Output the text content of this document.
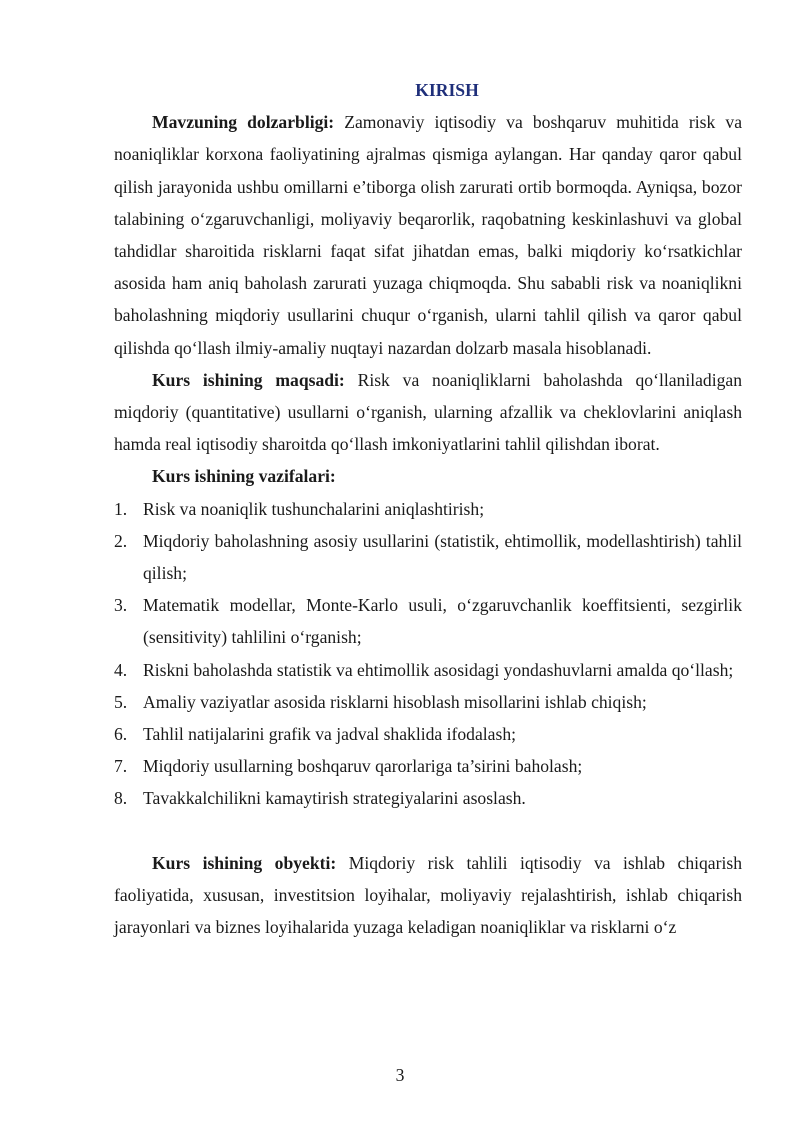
KIRISH

Mavzuning dolzarbligi: Zamonaviy iqtisodiy va boshqaruv muhitida risk va noaniqliklar korxona faoliyatining ajralmas qismiga aylangan. Har qanday qaror qabul qilish jarayonida ushbu omillarni e’tiborga olish zarurati ortib bormoqda. Ayniqsa, bozor talabining o‘zgaruvchanligi, moliyaviy beqarorlik, raqobatning keskinlashuvi va global tahdidlar sharoitida risklarni faqat sifat jihatdan emas, balki miqdoriy ko‘rsatkichlar asosida ham aniq baholash zarurati yuzaga chiqmoqda. Shu sababli risk va noaniqlikni baholashning miqdoriy usullarini chuqur o‘rganish, ularni tahlil qilish va qaror qabul qilishda qo‘llash ilmiy-amaliy nuqtayi nazardan dolzarb masala hisoblanadi.

Kurs ishining maqsadi: Risk va noaniqliklarni baholashda qo‘llaniladigan miqdoriy (quantitative) usullarni o‘rganish, ularning afzallik va cheklovlarini aniqlash hamda real iqtisodiy sharoitda qo‘llash imkoniyatlarini tahlil qilishdan iborat.

Kurs ishining vazifalari:
1. Risk va noaniqlik tushunchalarini aniqlashtirish;
2. Miqdoriy baholashning asosiy usullarini (statistik, ehtimollik, modellashtirish) tahlil qilish;
3. Matematik modellar, Monte-Karlo usuli, o‘zgaruvchanlik koeffitsienti, sezgirlik (sensitivity) tahlilini o‘rganish;
4. Riskni baholashda statistik va ehtimollik asosidagi yondashuvlarni amalda qo‘llash;
5. Amaliy vaziyatlar asosida risklarni hisoblash misollarini ishlab chiqish;
6. Tahlil natijalarini grafik va jadval shaklida ifodalash;
7. Miqdoriy usullarning boshqaruv qarorlariga ta’sirini baholash;
8. Tavakkalchilikni kamaytirish strategiyalarini asoslash.

Kurs ishining obyekti: Miqdoriy risk tahlili iqtisodiy va ishlab chiqarish faoliyatida, xususan, investitsion loyihalar, moliyaviy rejalashtirish, ishlab chiqarish jarayonlari va biznes loyihalarida yuzaga keladigan noaniqliklar va risklarni o‘z

3
